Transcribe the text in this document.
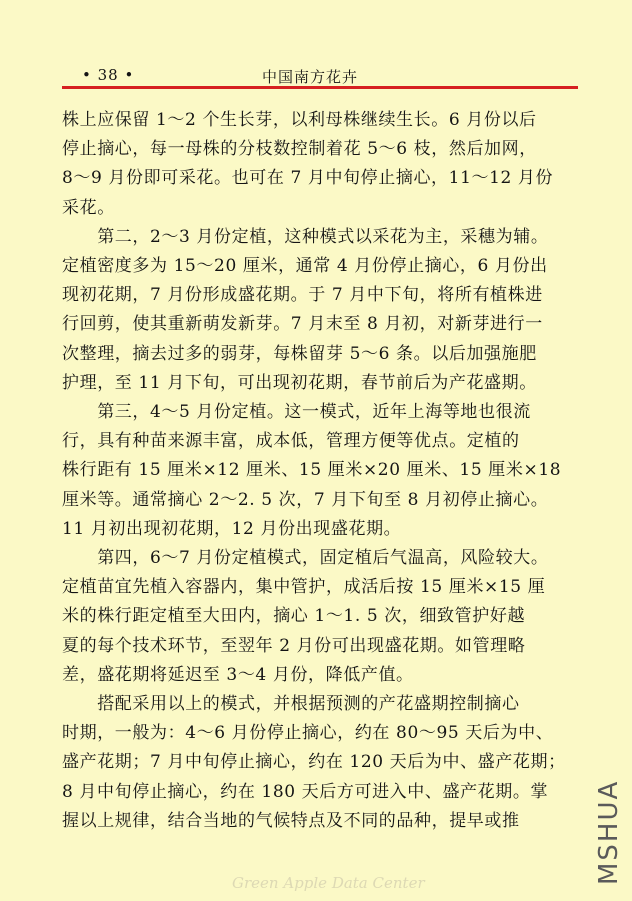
• 38 •	中国南方花卉

株上应保留 1～2 个生长芽，以利母株继续生长。6 月份以后

停止摘心，每一母株的分枝数控制着花 5～6 枝，然后加网，

8～9 月份即可采花。也可在 7 月中旬停止摘心，11～12 月份

采花。

　　第二，2～3 月份定植，这种模式以采花为主，采穗为辅。

定植密度多为 15～20 厘米，通常 4 月份停止摘心，6 月份出

现初花期，7 月份形成盛花期。于 7 月中下旬，将所有植株进

行回剪，使其重新萌发新芽。7 月末至 8 月初，对新芽进行一

次整理，摘去过多的弱芽，每株留芽 5～6 条。以后加强施肥

护理，至 11 月下旬，可出现初花期，春节前后为产花盛期。

　　第三，4～5 月份定植。这一模式，近年上海等地也很流

行，具有种苗来源丰富，成本低，管理方便等优点。定植的

株行距有 15 厘米×12 厘米、15 厘米×20 厘米、15 厘米×18

厘米等。通常摘心 2～2. 5 次，7 月下旬至 8 月初停止摘心。

11 月初出现初花期，12 月份出现盛花期。

　　第四，6～7 月份定植模式，固定植后气温高，风险较大。

定植苗宜先植入容器内，集中管护，成活后按 15 厘米×15 厘

米的株行距定植至大田内，摘心 1～1. 5 次，细致管护好越

夏的每个技术环节，至翌年 2 月份可出现盛花期。如管理略

差，盛花期将延迟至 3～4 月份，降低产值。

　　搭配采用以上的模式，并根据预测的产花盛期控制摘心

时期，一般为：4～6 月份停止摘心，约在 80～95 天后为中、

盛产花期；7 月中旬停止摘心，约在 120 天后为中、盛产花期；

8 月中旬停止摘心，约在 180 天后方可进入中、盛产花期。掌

握以上规律，结合当地的气候特点及不同的品种，提早或推	MSHUA
Green Apple Data Center
